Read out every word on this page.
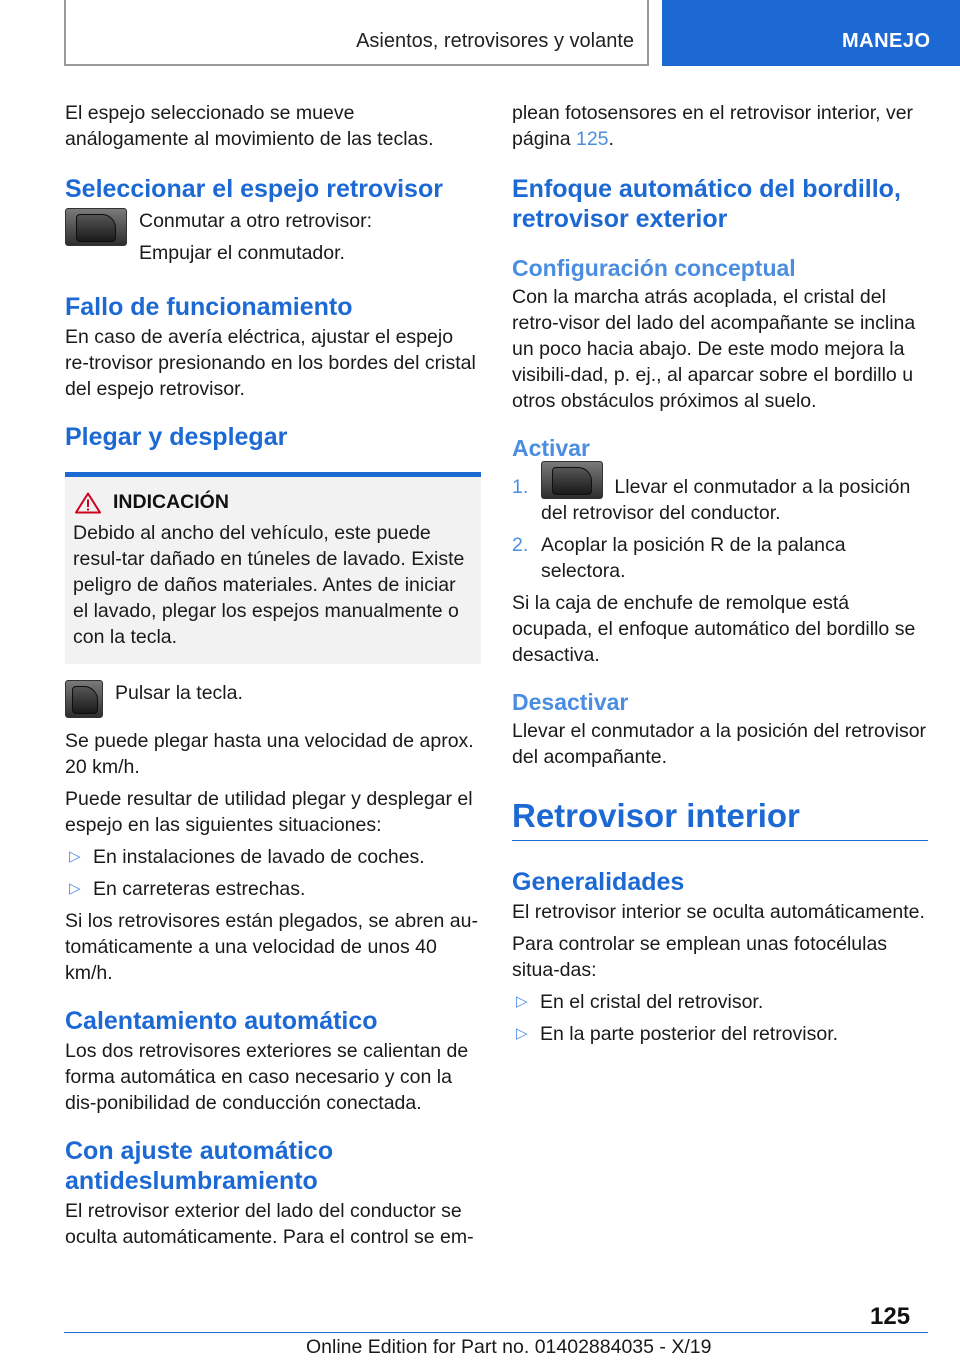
Asientos, retrovisores y volante	MANEJO

El espejo seleccionado se mueve análogamente al movimiento de las teclas.

Seleccionar el espejo retrovisor

Conmutar a otro retrovisor:

Empujar el conmutador.

Fallo de funcionamiento

En caso de avería eléctrica, ajustar el espejo re-trovisor presionando en los bordes del cristal del espejo retrovisor.

Plegar y desplegar
INDICACIÓN

Debido al ancho del vehículo, este puede resul-tar dañado en túneles de lavado. Existe peligro de daños materiales. Antes de iniciar el lavado, plegar los espejos manualmente o con la tecla.

Pulsar la tecla.

Se puede plegar hasta una velocidad de aprox. 20 km/h.

Puede resultar de utilidad plegar y desplegar el espejo en las siguientes situaciones:

▷ En instalaciones de lavado de coches.
▷ En carreteras estrechas.

Si los retrovisores están plegados, se abren au-tomáticamente a una velocidad de unos 40 km/h.

Calentamiento automático

Los dos retrovisores exteriores se calientan de forma automática en caso necesario y con la dis-ponibilidad de conducción conectada.

Con ajuste automático antideslumbramiento

El retrovisor exterior del lado del conductor se oculta automáticamente. Para el control se em-

plean fotosensores en el retrovisor interior, ver página 125.

Enfoque automático del bordillo, retrovisor exterior
Configuración conceptual

Con la marcha atrás acoplada, el cristal del retro-visor del lado del acompañante se inclina un poco hacia abajo. De este modo mejora la visibili-dad, p. ej., al aparcar sobre el bordillo u otros obstáculos próximos al suelo.

Activar
1.	Llevar el conmutador a la posición del retrovisor del conductor.
2. Acoplar la posición R de la palanca selectora.

Si la caja de enchufe de remolque está ocupada, el enfoque automático del bordillo se desactiva.

Desactivar

Llevar el conmutador a la posición del retrovisor del acompañante.

Retrovisor interior
Generalidades

El retrovisor interior se oculta automáticamente.

Para controlar se emplean unas fotocélulas situa-das:

▷ En el cristal del retrovisor.
▷ En la parte posterior del retrovisor.
125
Online Edition for Part no. 01402884035 - X/19
